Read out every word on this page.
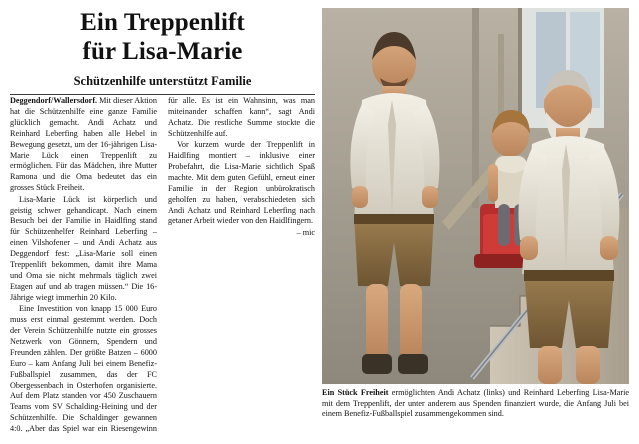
Ein Treppenlift
für Lisa-Marie
Schützenhilfe unterstützt Familie
Ein Stück Freiheit ermöglichten Andi Achatz (links) und Reinhard Leberfing Lisa-Marie mit dem Treppenlift, der unter anderem aus Spenden finanziert wurde, die Anfang Juli bei einem Benefiz-Fußballspiel zusammengekommen sind.

Deggendorf/Wallersdorf. Mit dieser Aktion hat die Schützenhilfe eine ganze Familie glücklich gemacht. Andi Achatz und Reinhard Leberfing haben alle Hebel in Bewegung gesetzt, um der 16-jährigen Lisa-Marie Lück einen Treppenlift zu ermöglichen. Für das Mädchen, ihre Mutter Ramona und die Oma bedeutet das ein grosses Stück Freiheit.

Lisa-Marie Lück ist körperlich und geistig schwer gehandicapt. Nach einem Besuch bei der Familie in Haidlfing stand für Schützenhelfer Reinhard Leberfing – einen Vilshofener – und Andi Achatz aus Deggendorf fest: „Lisa-Marie soll einen Treppenlift bekommen, damit ihre Mama und Oma sie nicht mehrmals täglich zwei Etagen auf und ab tragen müssen.“ Die 16-Jährige wiegt immerhin 20 Kilo.

Eine Investition von knapp 15 000 Euro muss erst einmal gestemmt werden. Doch der Verein Schützenhilfe nutzte ein grosses Netzwerk von Gönnern, Spendern und Freunden zählen. Der größte Batzen – 6000 Euro – kam Anfang Juli bei einem Benefiz-Fußballspiel zusammen, das der FC Obergessenbach in Osterhofen organisierte. Auf dem Platz standen vor 450 Zuschauern Teams vom SV Schalding-Heining und der Schützenhilfe. Die Schaldinger gewannen 4:0. „Aber das Spiel war ein Riesengewinn für alle. Es ist ein Wahnsinn, was man miteinander schaffen kann“, sagt Andi Achatz. Die restliche Summe stockte die Schützenhilfe auf.

Vor kurzem wurde der Treppenlift in Haidlfing montiert – inklusive einer Probefahrt, die Lisa-Marie sichtlich Spaß machte. Mit dem guten Gefühl, erneut einer Familie in der Region unbürokratisch geholfen zu haben, verabschiedeten sich Andi Achatz und Reinhard Leberfing nach getaner Arbeit wieder von den Haidlfingern.

– mic
